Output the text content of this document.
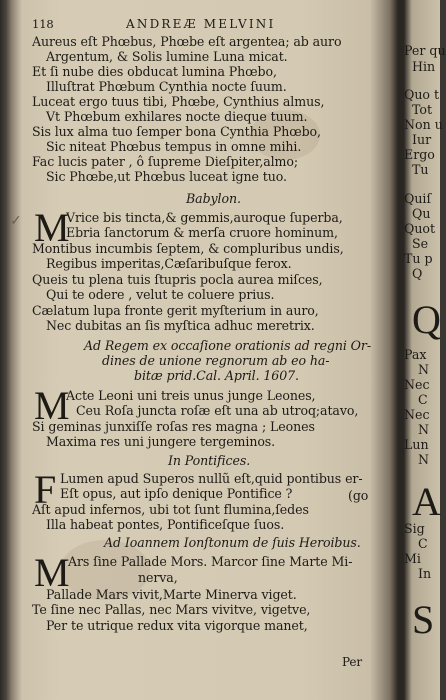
118	ANDREÆ MELVINI
Aureus eſt Phœbus, Phœbe eſt argentea; ab auro
Argentum, & Solis lumine Luna micat.
Et ſi nube dies obducat lumina Phœbo,
Illuſtrat Phœbum Cynthia nocte ſuum.
Luceat ergo tuus tibi, Phœbe, Cynthius almus,
Vt Phœbum exhilares nocte dieque tuum.
Sis lux alma tuo ſemper bona Cynthia Phœbo,
Sic niteat Phœbus tempus in omne mihi.
Fac lucis pater , ô ſupreme Dieſpiter,almo;
Sic Phœbe,ut Phœbus luceat igne tuo.
Babylon.
✓ M
Vrice bis tincta,& gemmis,auroque ſuperba,
Ebria ſanctorum & merſa cruore hominum,
Montibus incumbis ſeptem, & compluribus undis,
Regibus imperitas,Cæſaribuſque ferox.
Queis tu plena tuis ſtupris pocla aurea miſces,
Qui te odere , velut te coluere prius.
Cælatum lupa fronte gerit myſterium in auro,
Nec dubitas an ſis myſtica adhuc meretrix.
Ad Regem ex occaſione orationis ad regni Or-
dines de unione regnorum ab eo ha-
bitæ prid.Cal. April. 1607.
M
Acte Leoni uni treis unus junge Leones,
Ceu Roſa juncta roſæ eſt una ab utroq;atavo,
Si geminas junxiſſe roſas res magna ; Leones
Maxima res uni jungere tergeminos.
In Pontifices.
F Lumen apud Superos nullũ eſt,quid pontibus er-
Eſt opus, aut ipſo denique Pontifice ?	(go
Aſt apud infernos, ubi tot ſunt flumina,ſedes
Illa habeat pontes, Pontificeſque ſuos.
Ad Ioannem Ionſtonum de ſuis Heroibus.
M
Ars ſine Pallade Mors. Marcor ſine Marte Mi-
nerva,
Pallade Mars vivit,Marte Minerva viget.
Te ſine nec Pallas, nec Mars vivitve, vigetve,
Per te utrique redux vita vigorque manet,
Per
Per qu
Hin
Quo t
Tot
Non u
Iur
Ergo
Tu
Quiſ
Qu
Quot
Se
Tu p
Q
Q
Pax
N
Nec
C
Nec
N
Lun
N
A
Sig
C
Mi
In
S
